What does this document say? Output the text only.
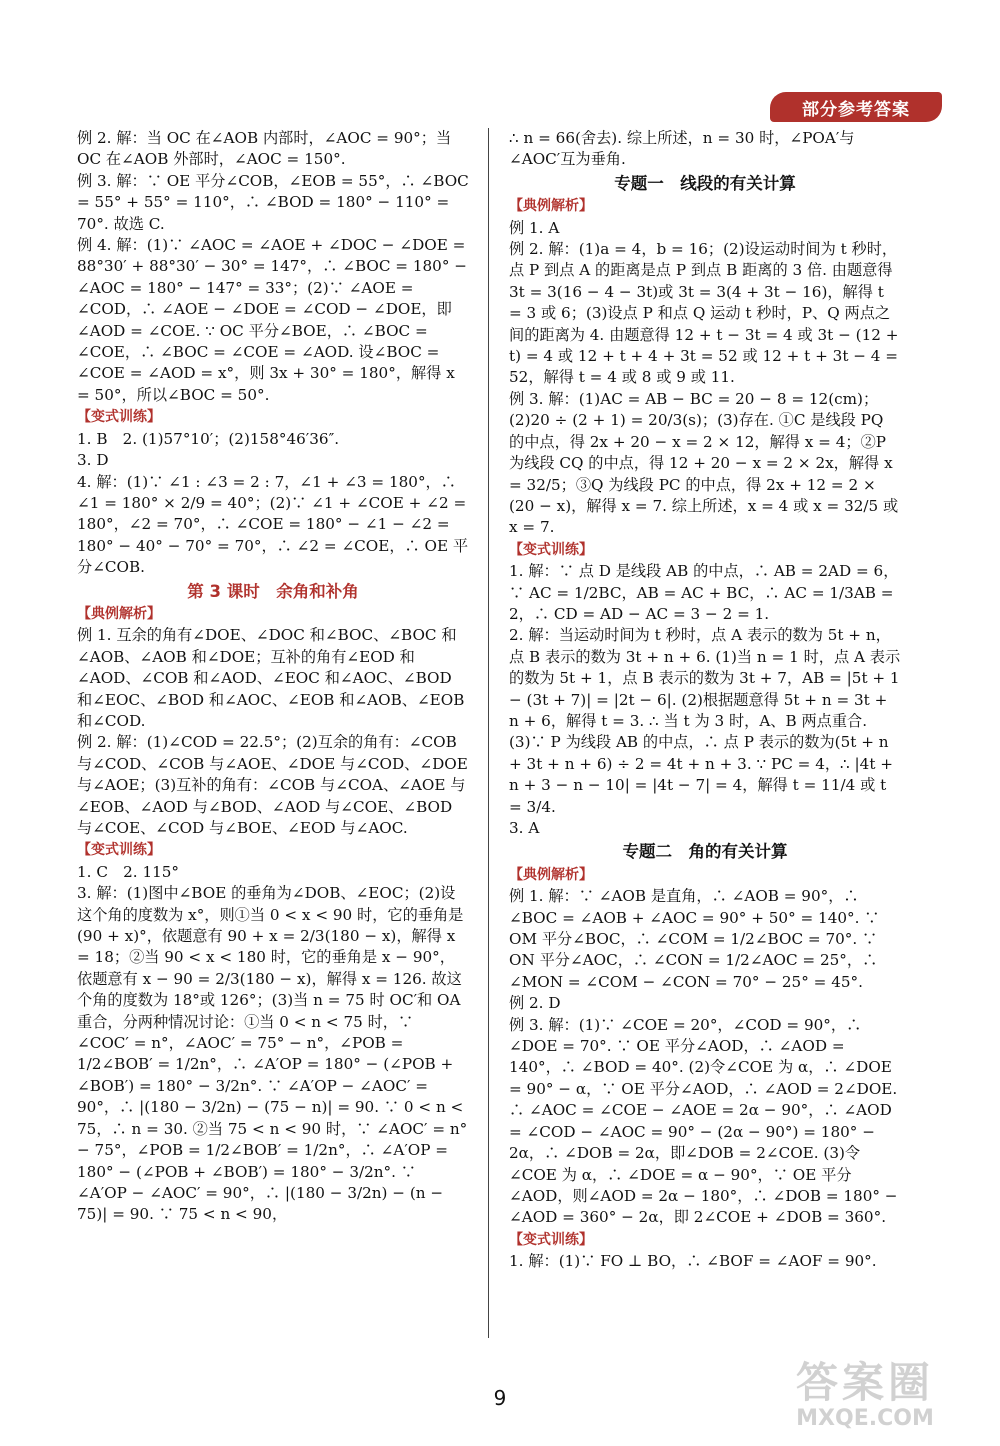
部分参考答案

例 2. 解：当 OC 在∠AOB 内部时，∠AOC = 90°；当 OC 在∠AOB 外部时，∠AOC = 150°.

例 3. 解：∵ OE 平分∠COB，∠EOB = 55°，∴ ∠BOC = 55° + 55° = 110°，∴ ∠BOD = 180° − 110° = 70°. 故选 C.

例 4. 解：(1)∵ ∠AOC = ∠AOE + ∠DOC − ∠DOE = 88°30′ + 88°30′ − 30° = 147°，∴ ∠BOC = 180° − ∠AOC = 180° − 147° = 33°；(2)∵ ∠AOE = ∠COD，∴ ∠AOE − ∠DOE = ∠COD − ∠DOE，即∠AOD = ∠COE. ∵ OC 平分∠BOE，∴ ∠BOC = ∠COE，∴ ∠BOC = ∠COE = ∠AOD. 设∠BOC = ∠COE = ∠AOD = x°，则 3x + 30° = 180°，解得 x = 50°，所以∠BOC = 50°.

【变式训练】

1. B　2. (1)57°10′；(2)158°46′36″.

3. D

4. 解：(1)∵ ∠1 : ∠3 = 2 : 7，∠1 + ∠3 = 180°，∴ ∠1 = 180° × 2/9 = 40°；(2)∵ ∠1 + ∠COE + ∠2 = 180°，∠2 = 70°，∴ ∠COE = 180° − ∠1 − ∠2 = 180° − 40° − 70° = 70°，∴ ∠2 = ∠COE，∴ OE 平分∠COB.

第 3 课时　余角和补角
【典例解析】

例 1. 互余的角有∠DOE、∠DOC 和∠BOC、∠BOC 和∠AOB、∠AOB 和∠DOE；互补的角有∠EOD 和∠AOD、∠COB 和∠AOD、∠EOC 和∠AOC、∠BOD 和∠EOC、∠BOD 和∠AOC、∠EOB 和∠AOB、∠EOB 和∠COD.

例 2. 解：(1)∠COD = 22.5°；(2)互余的角有：∠COB 与∠COD、∠COB 与∠AOE、∠DOE 与∠COD、∠DOE 与∠AOE；(3)互补的角有：∠COB 与∠COA、∠AOE 与∠EOB、∠AOD 与∠BOD、∠AOD 与∠COE、∠BOD 与∠COE、∠COD 与∠BOE、∠EOD 与∠AOC.

【变式训练】

1. C　2. 115°

3. 解：(1)图中∠BOE 的垂角为∠DOB、∠EOC；(2)设这个角的度数为 x°，则①当 0 < x < 90 时，它的垂角是(90 + x)°，依题意有 90 + x = 2/3(180 − x)，解得 x = 18；②当 90 < x < 180 时，它的垂角是 x − 90°，依题意有 x − 90 = 2/3(180 − x)，解得 x = 126. 故这个角的度数为 18°或 126°；(3)当 n = 75 时 OC′和 OA 重合，分两种情况讨论：①当 0 < n < 75 时，∵ ∠COC′ = n°，∠AOC′ = 75° − n°，∠POB = 1/2∠BOB′ = 1/2n°，∴ ∠A′OP = 180° − (∠POB + ∠BOB′) = 180° − 3/2n°. ∵ ∠A′OP − ∠AOC′ = 90°，∴ |(180 − 3/2n) − (75 − n)| = 90. ∵ 0 < n < 75，∴ n = 30. ②当 75 < n < 90 时，∵ ∠AOC′ = n° − 75°，∠POB = 1/2∠BOB′ = 1/2n°，∴ ∠A′OP = 180° − (∠POB + ∠BOB′) = 180° − 3/2n°. ∵ ∠A′OP − ∠AOC′ = 90°，∴ |(180 − 3/2n) − (n − 75)| = 90. ∵ 75 < n < 90，

∴ n = 66(舍去). 综上所述，n = 30 时，∠POA′与∠AOC′互为垂角.

专题一　线段的有关计算
【典例解析】

例 1. A

例 2. 解：(1)a = 4，b = 16；(2)设运动时间为 t 秒时，点 P 到点 A 的距离是点 P 到点 B 距离的 3 倍. 由题意得 3t = 3(16 − 4 − 3t)或 3t = 3(4 + 3t − 16)，解得 t = 3 或 6；(3)设点 P 和点 Q 运动 t 秒时，P、Q 两点之间的距离为 4. 由题意得 12 + t − 3t = 4 或 3t − (12 + t) = 4 或 12 + t + 4 + 3t = 52 或 12 + t + 3t − 4 = 52，解得 t = 4 或 8 或 9 或 11.

例 3. 解：(1)AC = AB − BC = 20 − 8 = 12(cm)；(2)20 ÷ (2 + 1) = 20/3(s)；(3)存在. ①C 是线段 PQ 的中点，得 2x + 20 − x = 2 × 12，解得 x = 4；②P 为线段 CQ 的中点，得 12 + 20 − x = 2 × 2x，解得 x = 32/5；③Q 为线段 PC 的中点，得 2x + 12 = 2 × (20 − x)，解得 x = 7. 综上所述，x = 4 或 x = 32/5 或 x = 7.

【变式训练】

1. 解：∵ 点 D 是线段 AB 的中点，∴ AB = 2AD = 6，∵ AC = 1/2BC，AB = AC + BC，∴ AC = 1/3AB = 2，∴ CD = AD − AC = 3 − 2 = 1.

2. 解：当运动时间为 t 秒时，点 A 表示的数为 5t + n，点 B 表示的数为 3t + n + 6. (1)当 n = 1 时，点 A 表示的数为 5t + 1，点 B 表示的数为 3t + 7，AB = |5t + 1 − (3t + 7)| = |2t − 6|. (2)根据题意得 5t + n = 3t + n + 6，解得 t = 3. ∴ 当 t 为 3 时，A、B 两点重合. (3)∵ P 为线段 AB 的中点，∴ 点 P 表示的数为(5t + n + 3t + n + 6) ÷ 2 = 4t + n + 3. ∵ PC = 4，∴ |4t + n + 3 − n − 10| = |4t − 7| = 4，解得 t = 11/4 或 t = 3/4.

3. A

专题二　角的有关计算
【典例解析】

例 1. 解：∵ ∠AOB 是直角，∴ ∠AOB = 90°，∴ ∠BOC = ∠AOB + ∠AOC = 90° + 50° = 140°. ∵ OM 平分∠BOC，∴ ∠COM = 1/2∠BOC = 70°. ∵ ON 平分∠AOC，∴ ∠CON = 1/2∠AOC = 25°，∴ ∠MON = ∠COM − ∠CON = 70° − 25° = 45°.

例 2. D

例 3. 解：(1)∵ ∠COE = 20°，∠COD = 90°，∴ ∠DOE = 70°. ∵ OE 平分∠AOD，∴ ∠AOD = 140°，∴ ∠BOD = 40°. (2)令∠COE 为 α，∴ ∠DOE = 90° − α，∵ OE 平分∠AOD，∴ ∠AOD = 2∠DOE. ∴ ∠AOC = ∠COE − ∠AOE = 2α − 90°，∴ ∠AOD = ∠COD − ∠AOC = 90° − (2α − 90°) = 180° − 2α，∴ ∠DOB = 2α，即∠DOB = 2∠COE. (3)令∠COE 为 α，∴ ∠DOE = α − 90°，∵ OE 平分∠AOD，则∠AOD = 2α − 180°，∴ ∠DOB = 180° − ∠AOD = 360° − 2α，即 2∠COE + ∠DOB = 360°.

【变式训练】

1. 解：(1)∵ FO ⊥ BO，∴ ∠BOF = ∠AOF = 90°.

9	答案圈
MXQE.COM
